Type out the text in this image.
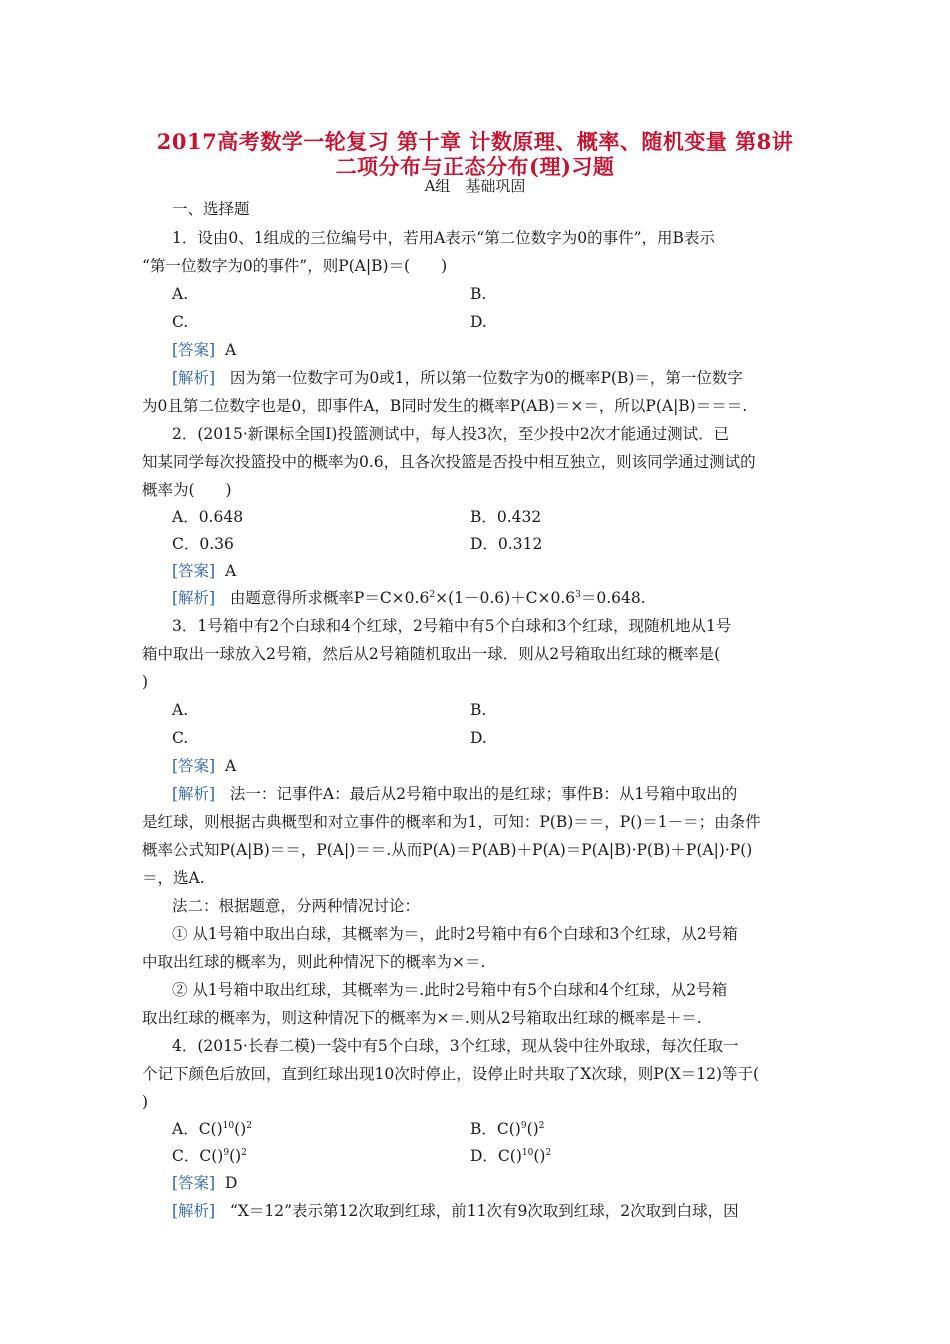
2017高考数学一轮复习 第十章 计数原理、概率、随机变量 第8讲
二项分布与正态分布(理)习题
A组　基础巩固
一、选择题
1．设由0、1组成的三位编号中，若用A表示“第二位数字为0的事件”，用B表示
“第一位数字为0的事件”，则P(A|B)＝(　　)
A.	B.
C.	D.
[答案] A
[解析] 因为第一位数字可为0或1，所以第一位数字为0的概率P(B)＝，第一位数字
为0且第二位数字也是0，即事件A，B同时发生的概率P(AB)＝×＝，所以P(A|B)＝＝＝.
2．(2015·新课标全国Ⅰ)投篮测试中，每人投3次，至少投中2次才能通过测试．已
知某同学每次投篮投中的概率为0.6，且各次投篮是否投中相互独立，则该同学通过测试的
概率为(　　)
A．0.648	B．0.432
C．0.36	D．0.312
[答案] A
[解析] 由题意得所求概率$P=C\times 0.6^2\times(1-0.6)+C\times 0.6^3=0.648$.
3．1号箱中有2个白球和4个红球，2号箱中有5个白球和3个红球，现随机地从1号
箱中取出一球放入2号箱，然后从2号箱随机取出一球．则从2号箱取出红球的概率是(
)
A.	B.
C.	D.
[答案] A
[解析] 法一：记事件A：最后从2号箱中取出的是红球；事件B：从1号箱中取出的
是红球，则根据古典概型和对立事件的概率和为1，可知：P(B)＝＝，P()＝1－＝；由条件
概率公式知P(A|B)＝＝，P(A|)＝＝.从而P(A)＝P(AB)＋P(A)＝P(A|B)·P(B)＋P(A|)·P()
＝，选A.
法二：根据题意，分两种情况讨论：
① 从1号箱中取出白球，其概率为＝，此时2号箱中有6个白球和3个红球，从2号箱
中取出红球的概率为，则此种情况下的概率为×＝.
② 从1号箱中取出红球，其概率为＝.此时2号箱中有5个白球和4个红球，从2号箱
取出红球的概率为，则这种情况下的概率为×＝.则从2号箱取出红球的概率是＋＝.
4．(2015·长春二模)一袋中有5个白球，3个红球，现从袋中往外取球，每次任取一
个记下颜色后放回，直到红球出现10次时停止，设停止时共取了X次球，则P(X＝12)等于(
)
A．C()$^{10}$()$^2$	B．C()$^9$()$^2$
C．C()$^9$()$^2$	D．C()$^{10}$()$^2$
[答案] D
[解析] “X＝12”表示第12次取到红球，前11次有9次取到红球，2次取到白球，因
